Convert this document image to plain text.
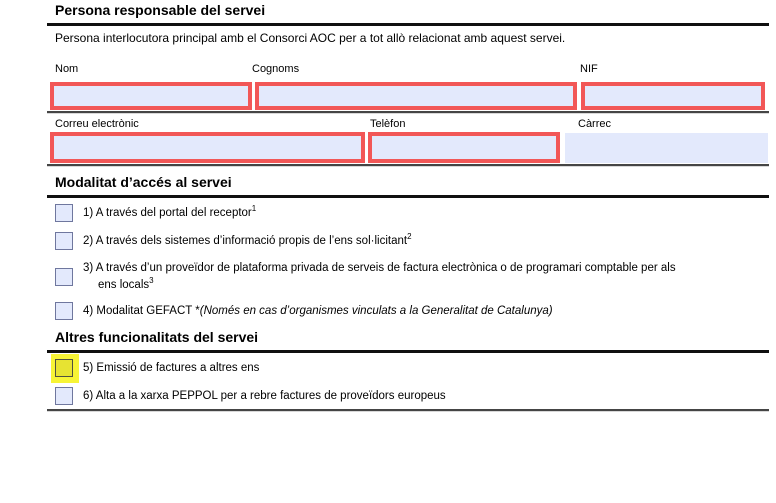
Persona responsable del servei
Persona interlocutora principal amb el Consorci AOC per a tot allò relacionat amb aquest servei.
Nom	Cognoms	NIF
Correu electrònic	Telèfon	Càrrec
Modalitat d’accés al servei
1) A través del portal del receptor$^1$
2) A través dels sistemes d’informació propis de l’ens sol·licitant$^2$
3) A través d’un proveïdor de plataforma privada de serveis de factura electrònica o de programari comptable per als ens locals$^3$
4) Modalitat GEFACT *(Només en cas d’organismes vinculats a la Generalitat de Catalunya)
Altres funcionalitats del servei
5) Emissió de factures a altres ens
6) Alta a la xarxa PEPPOL per a rebre factures de proveïdors europeus
